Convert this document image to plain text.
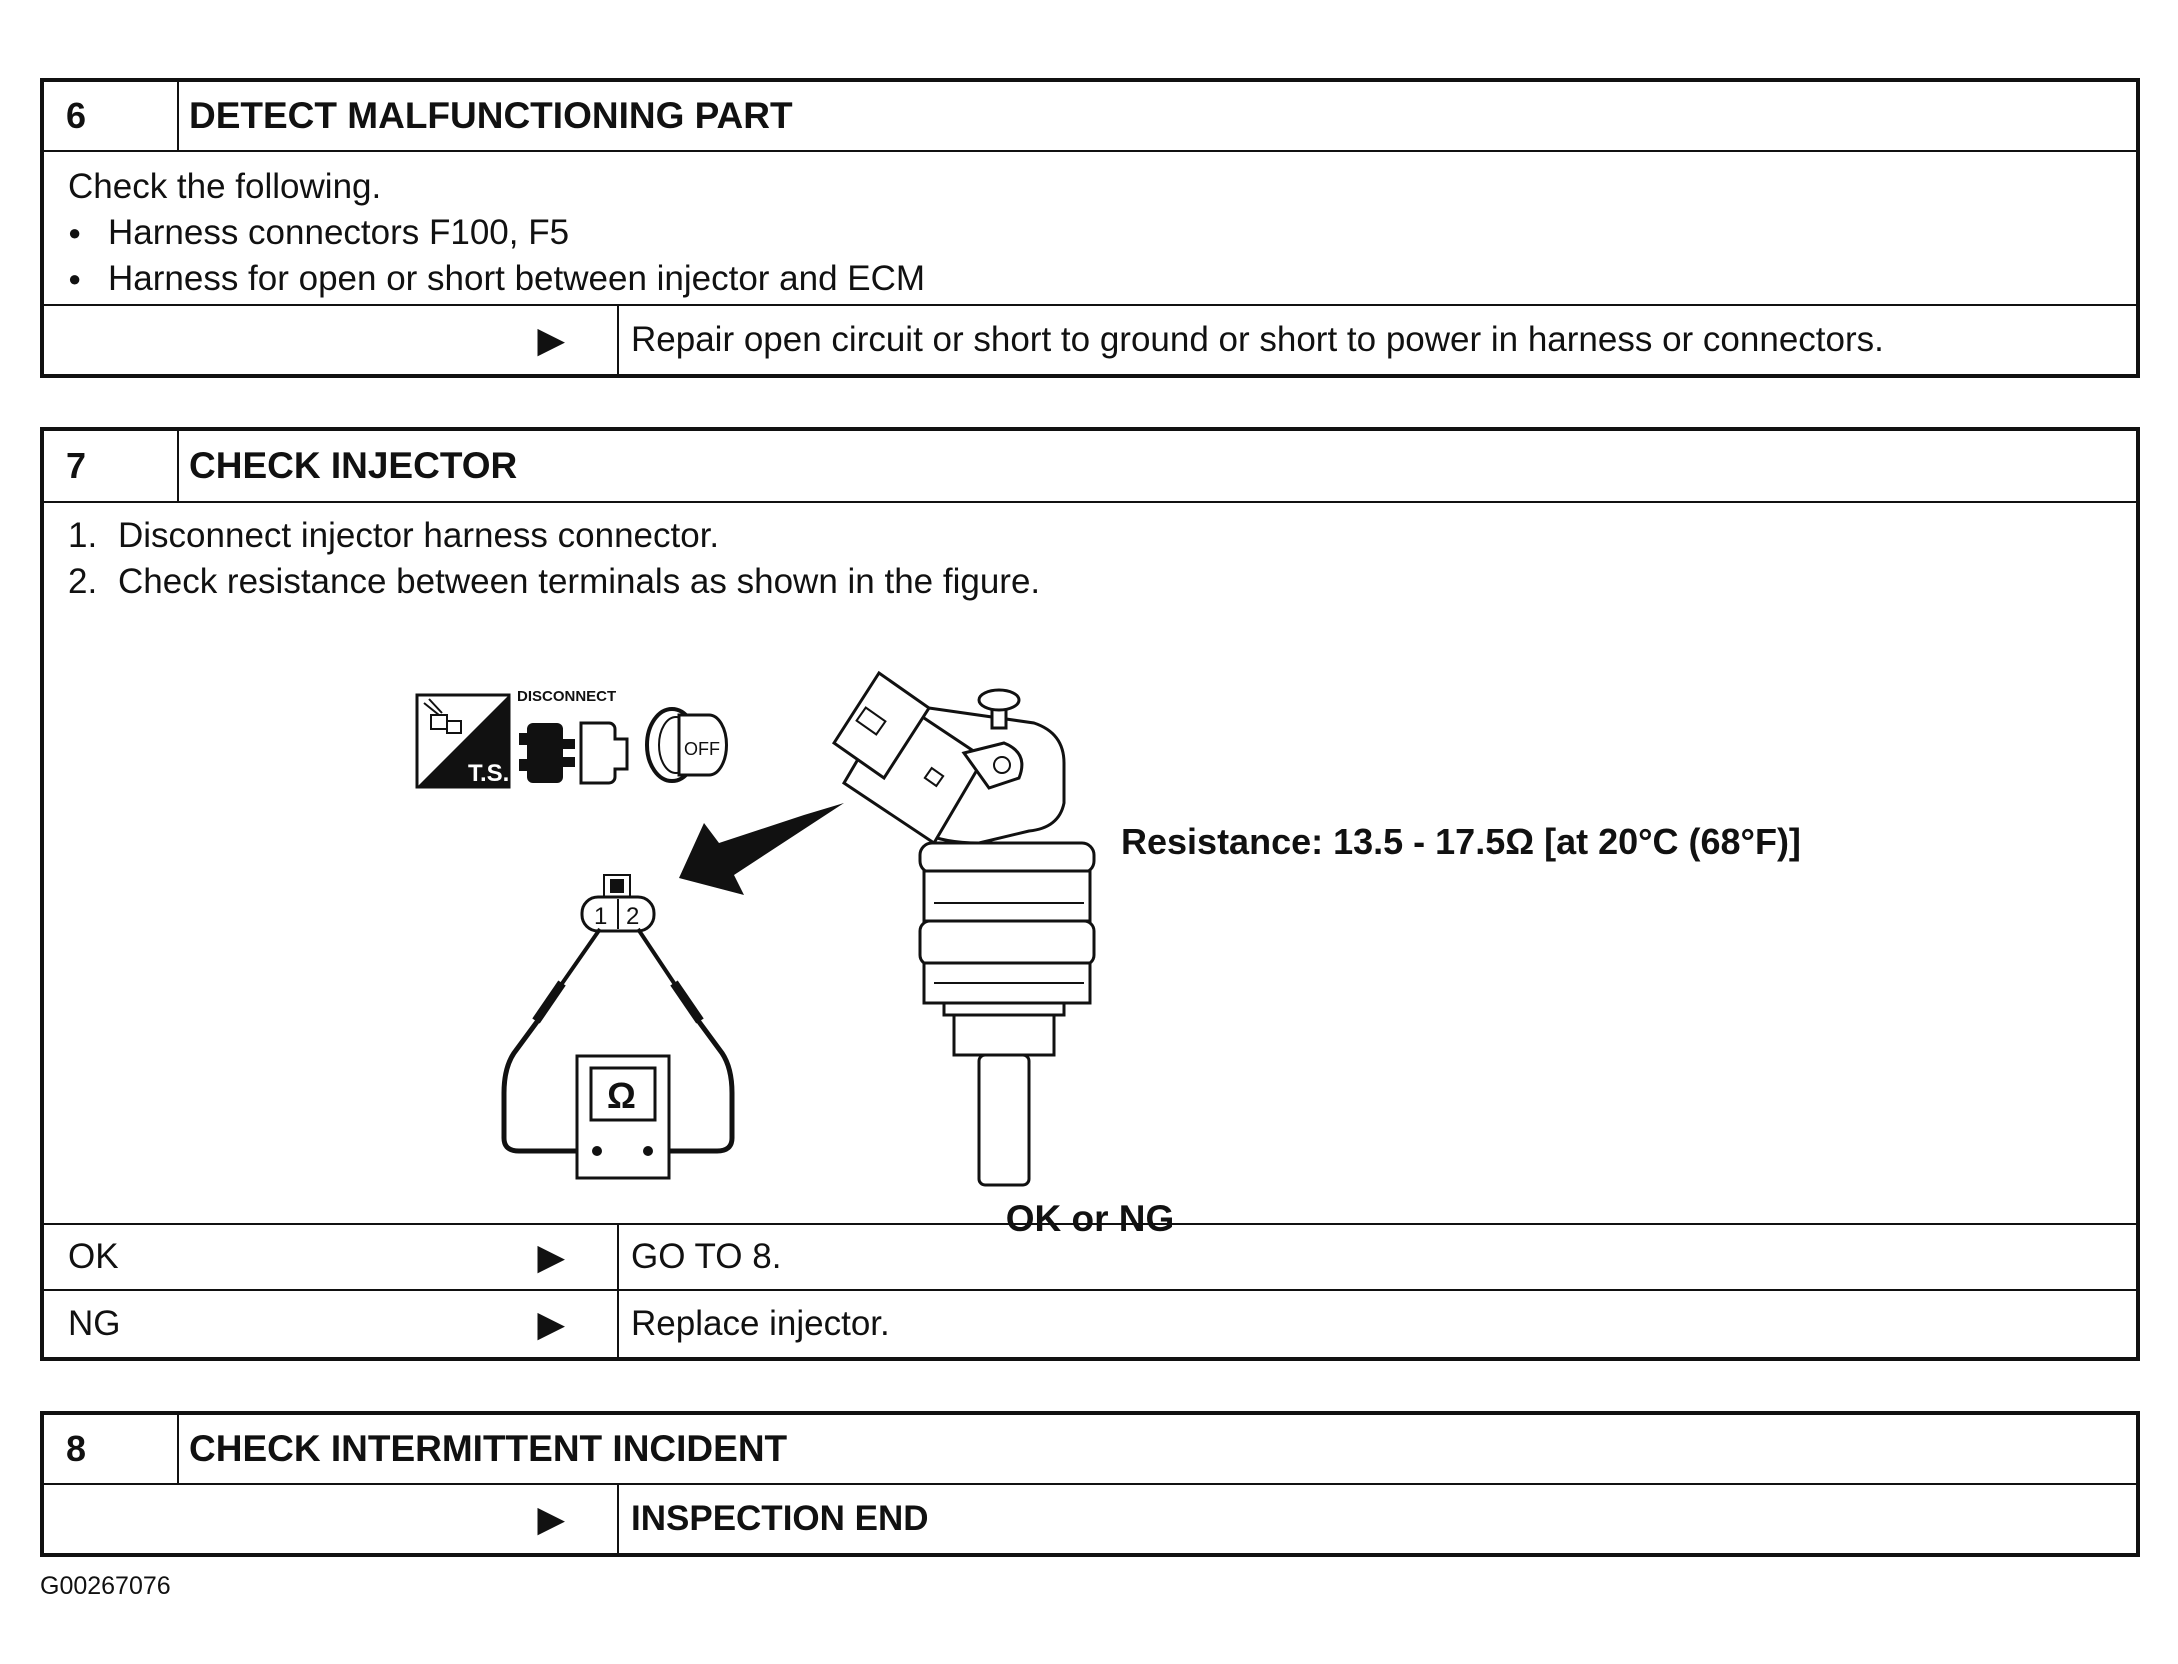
6	DETECT MALFUNCTIONING PART
Check the following.
● Harness connectors F100, F5
● Harness for open or short between injector and ECM
▶	Repair open circuit or short to ground or short to power in harness or connectors.
7	CHECK INJECTOR
1. Disconnect injector harness connector.
2. Check resistance between terminals as shown in the figure.
T.S.
DISCONNECT
OFF
1 2
Ω
Resistance: 13.5 - 17.5Ω [at 20°C (68°F)]
OK or NG
OK	▶	GO TO 8.
NG	▶	Replace injector.
8	CHECK INTERMITTENT INCIDENT
▶	INSPECTION END
G00267076
